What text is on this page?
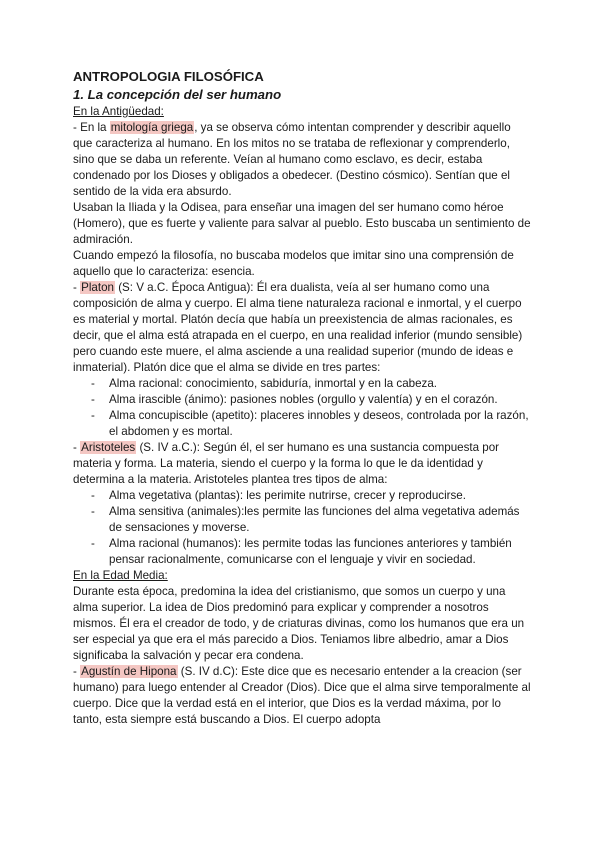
ANTROPOLOGIA FILOSÓFICA
1. La concepción del ser humano
En la Antigüedad:

- En la mitología griega, ya se observa cómo intentan comprender y describir aquello que caracteriza al humano. En los mitos no se trataba de reflexionar y comprenderlo, sino que se daba un referente. Veían al humano como esclavo, es decir, estaba condenado por los Dioses y obligados a obedecer. (Destino cósmico). Sentían que el sentido de la vida era absurdo.

Usaban la Iliada y la Odisea, para enseñar una imagen del ser humano como héroe (Homero), que es fuerte y valiente para salvar al pueblo. Esto buscaba un sentimiento de admiración.

Cuando empezó la filosofía, no buscaba modelos que imitar sino una comprensión de aquello que lo caracteriza: esencia.

- Platon (S: V a.C. Época Antigua): Él era dualista, veía al ser humano como una composición de alma y cuerpo. El alma tiene naturaleza racional e inmortal, y el cuerpo es material y mortal. Platón decía que había un preexistencia de almas racionales, es decir, que el alma está atrapada en el cuerpo, en una realidad inferior (mundo sensible) pero cuando este muere, el alma asciende a una realidad superior (mundo de ideas e inmaterial). Platón dice que el alma se divide en tres partes:

- Alma racional: conocimiento, sabiduría, inmortal y en la cabeza.
- Alma irascible (ánimo): pasiones nobles (orgullo y valentía) y en el corazón.
- Alma concupiscible (apetito): placeres innobles y deseos, controlada por la razón, el abdomen y es mortal.

- Aristoteles (S. IV a.C.): Según él, el ser humano es una sustancia compuesta por materia y forma. La materia, siendo el cuerpo y la forma lo que le da identidad y determina a la materia. Aristoteles plantea tres tipos de alma:

- Alma vegetativa (plantas): les perimite nutrirse, crecer y reproducirse.
- Alma sensitiva (animales):les permite las funciones del alma vegetativa además de sensaciones y moverse.
- Alma racional (humanos): les permite todas las funciones anteriores y también pensar racionalmente, comunicarse con el lenguaje y vivir en sociedad.
En la Edad Media:

Durante esta época, predomina la idea del cristianismo, que somos un cuerpo y una alma superior. La idea de Dios predominó para explicar y comprender a nosotros mismos. Él era el creador de todo, y de criaturas divinas, como los humanos que era un ser especial ya que era el más parecido a Dios. Teniamos libre albedrio, amar a Dios significaba la salvación y pecar era condena.

- Agustín de Hipona (S. IV d.C): Este dice que es necesario entender a la creacion (ser humano) para luego entender al Creador (Dios). Dice que el alma sirve temporalmente al cuerpo. Dice que la verdad está en el interior, que Dios es la verdad máxima, por lo tanto, esta siempre está buscando a Dios. El cuerpo adopta
